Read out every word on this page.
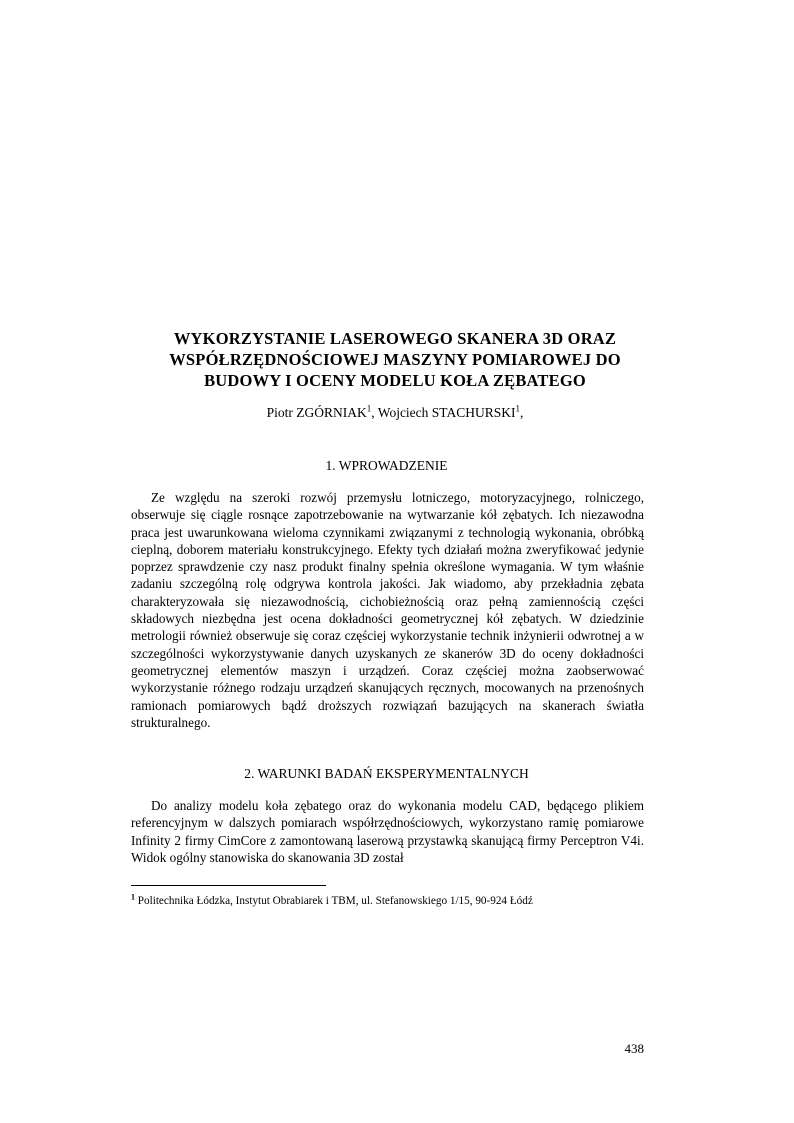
WYKORZYSTANIE LASEROWEGO SKANERA 3D ORAZ
WSPÓŁRZĘDNOŚCIOWEJ MASZYNY POMIAROWEJ DO
BUDOWY I OCENY MODELU KOŁA ZĘBATEGO
Piotr ZGÓRNIAK$^1$, Wojciech STACHURSKI$^1$,
1. WPROWADZENIE
Ze względu na szeroki rozwój przemysłu lotniczego, motoryzacyjnego, rolniczego, obserwuje się ciągle rosnące zapotrzebowanie na wytwarzanie kół zębatych. Ich niezawodna praca jest uwarunkowana wieloma czynnikami związanymi z technologią wykonania, obróbką cieplną, doborem materiału konstrukcyjnego. Efekty tych działań można zweryfikować jedynie poprzez sprawdzenie czy nasz produkt finalny spełnia określone wymagania. W tym właśnie zadaniu szczególną rolę odgrywa kontrola jakości. Jak wiadomo, aby przekładnia zębata charakteryzowała się niezawodnością, cichobieżnością oraz pełną zamiennością części składowych niezbędna jest ocena dokładności geometrycznej kół zębatych. W dziedzinie metrologii również obserwuje się coraz częściej wykorzystanie technik inżynierii odwrotnej a w szczególności wykorzystywanie danych uzyskanych ze skanerów 3D do oceny dokładności geometrycznej elementów maszyn i urządzeń. Coraz częściej można zaobserwować wykorzystanie różnego rodzaju urządzeń skanujących ręcznych, mocowanych na przenośnych ramionach pomiarowych bądź droższych rozwiązań bazujących na skanerach światła strukturalnego.
2. WARUNKI BADAŃ EKSPERYMENTALNYCH
Do analizy modelu koła zębatego oraz do wykonania modelu CAD, będącego plikiem referencyjnym w dalszych pomiarach współrzędnościowych, wykorzystano ramię pomiarowe Infinity 2 firmy CimCore z zamontowaną laserową przystawką skanującą firmy Perceptron V4i. Widok ogólny stanowiska do skanowania 3D został
$^1$ Politechnika Łódzka, Instytut Obrabiarek i TBM, ul. Stefanowskiego 1/15, 90-924 Łódź
438
